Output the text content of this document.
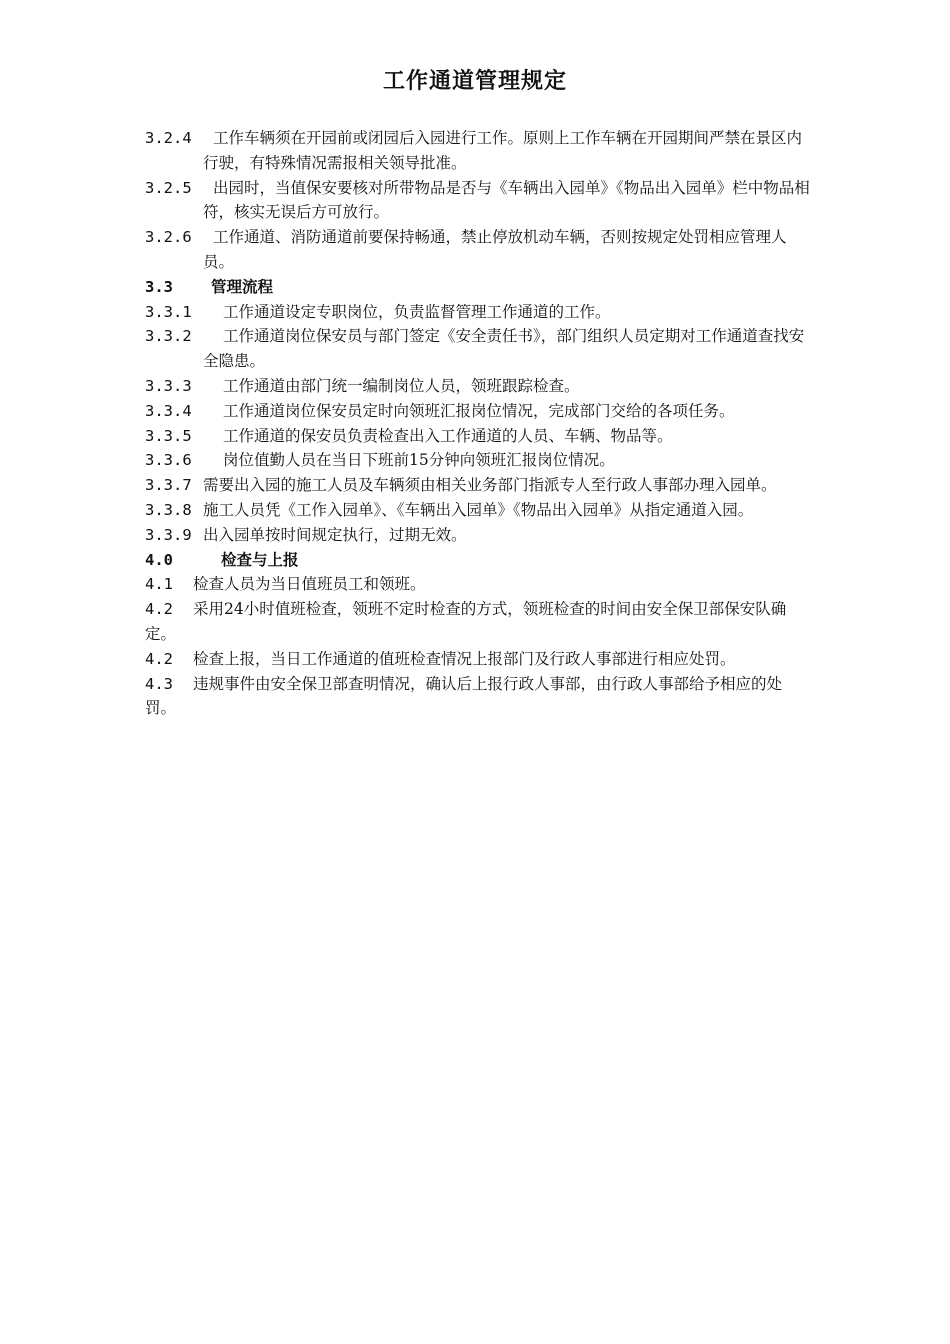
工作通道管理规定
3.2.4	工作车辆须在开园前或闭园后入园进行工作。原则上工作车辆在开园期间严禁在景区内行驶，有特殊情况需报相关领导批准。
3.2.5	出园时，当值保安要核对所带物品是否与《车辆出入园单》《物品出入园单》栏中物品相符，核实无误后方可放行。
3.2.6	工作通道、消防通道前要保持畅通，禁止停放机动车辆，否则按规定处罚相应管理人员。
3.3 管理流程
3.3.1	工作通道设定专职岗位，负责监督管理工作通道的工作。
3.3.2	工作通道岗位保安员与部门签定《安全责任书》，部门组织人员定期对工作通道查找安全隐患。
3.3.3	工作通道由部门统一编制岗位人员，领班跟踪检查。
3.3.4	工作通道岗位保安员定时向领班汇报岗位情况，完成部门交给的各项任务。
3.3.5	工作通道的保安员负责检查出入工作通道的人员、车辆、物品等。
3.3.6	岗位值勤人员在当日下班前15分钟向领班汇报岗位情况。
3.3.7 需要出入园的施工人员及车辆须由相关业务部门指派专人至行政人事部办理入园单。
3.3.8 施工人员凭《工作入园单》、《车辆出入园单》《物品出入园单》从指定通道入园。
3.3.9 出入园单按时间规定执行，过期无效。
4.0	检查与上报
4.1 检查人员为当日值班员工和领班。
4.2 采用24小时值班检查，领班不定时检查的方式，领班检查的时间由安全保卫部保安队确定。
4.2 检查上报，当日工作通道的值班检查情况上报部门及行政人事部进行相应处罚。
4.3 违规事件由安全保卫部查明情况，确认后上报行政人事部，由行政人事部给予相应的处罚。
